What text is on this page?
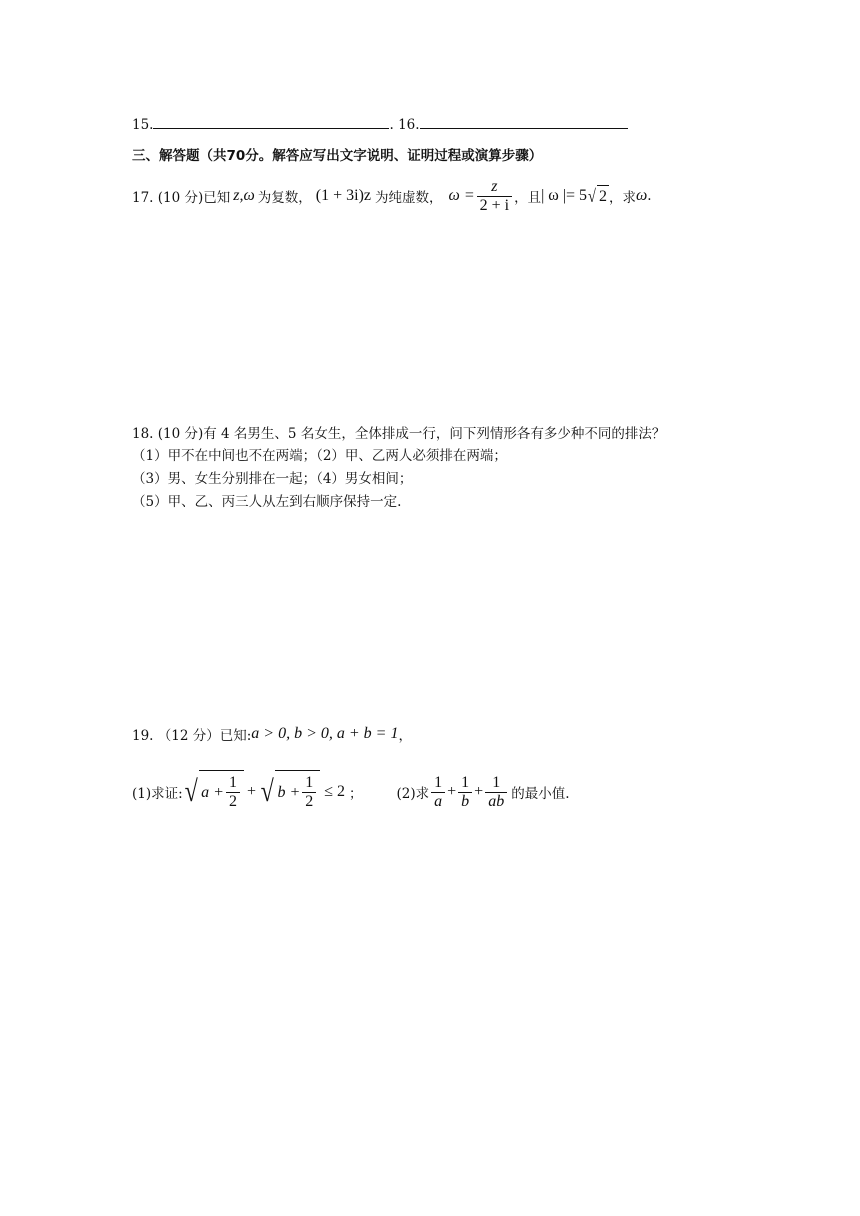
15.	. 16.
三、解答题（共70分。解答应写出文字说明、证明过程或演算步骤）
17. (10 分)已知 z,ω 为复数， (1 + 3i)z 为纯虚数， $\omega = \frac{z}{2 + i}$ ，且 | ω |= 5 √ 2 ，求 ω .
18. (10 分)有 4 名男生、5 名女生，全体排成一行，问下列情形各有多少种不同的排法？
（1）甲不在中间也不在两端；（2）甲、乙两人必须排在两端；
（3）男、女生分别排在一起；（4）男女相间；
（5）甲、乙、丙三人从左到右顺序保持一定.
19. （12 分）已知: a > 0, b > 0, a + b = 1 ，
(1)求证: √ $a + \frac{1}{2}$ + √ $b + \frac{1}{2} \le 2$ ；	(2)求 $\frac{1}{a} + \frac{1}{b} + \frac{1}{ab}$ 的最小值.
